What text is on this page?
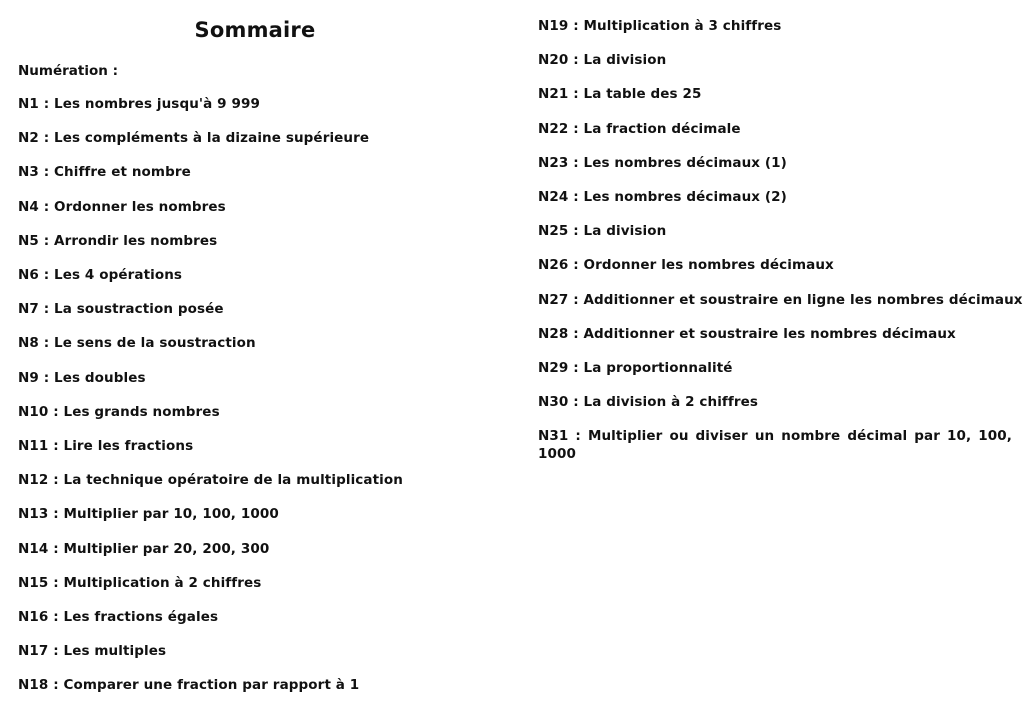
Sommaire
Numération :
N1 : Les nombres jusqu'à 9 999
N2 : Les compléments à la dizaine supérieure
N3 : Chiffre et nombre
N4 : Ordonner les nombres
N5 : Arrondir les nombres
N6 : Les 4 opérations
N7 : La soustraction posée
N8 : Le sens de la soustraction
N9 : Les doubles
N10 : Les grands nombres
N11 : Lire les fractions
N12 : La technique opératoire de la multiplication
N13 : Multiplier par 10, 100, 1000
N14 : Multiplier par 20, 200, 300
N15 : Multiplication à 2 chiffres
N16 : Les fractions égales
N17 : Les multiples
N18 : Comparer une fraction par rapport à 1
N19 : Multiplication à 3 chiffres
N20 : La division
N21 : La table des 25
N22 : La fraction décimale
N23 : Les nombres décimaux (1)
N24 : Les nombres décimaux (2)
N25 : La division
N26 : Ordonner les nombres décimaux
N27 : Additionner et soustraire en ligne les nombres décimaux
N28 : Additionner et soustraire les nombres décimaux
N29 : La proportionnalité
N30 : La division à 2 chiffres
N31 : Multiplier ou diviser un nombre décimal par 10, 100, 1000
